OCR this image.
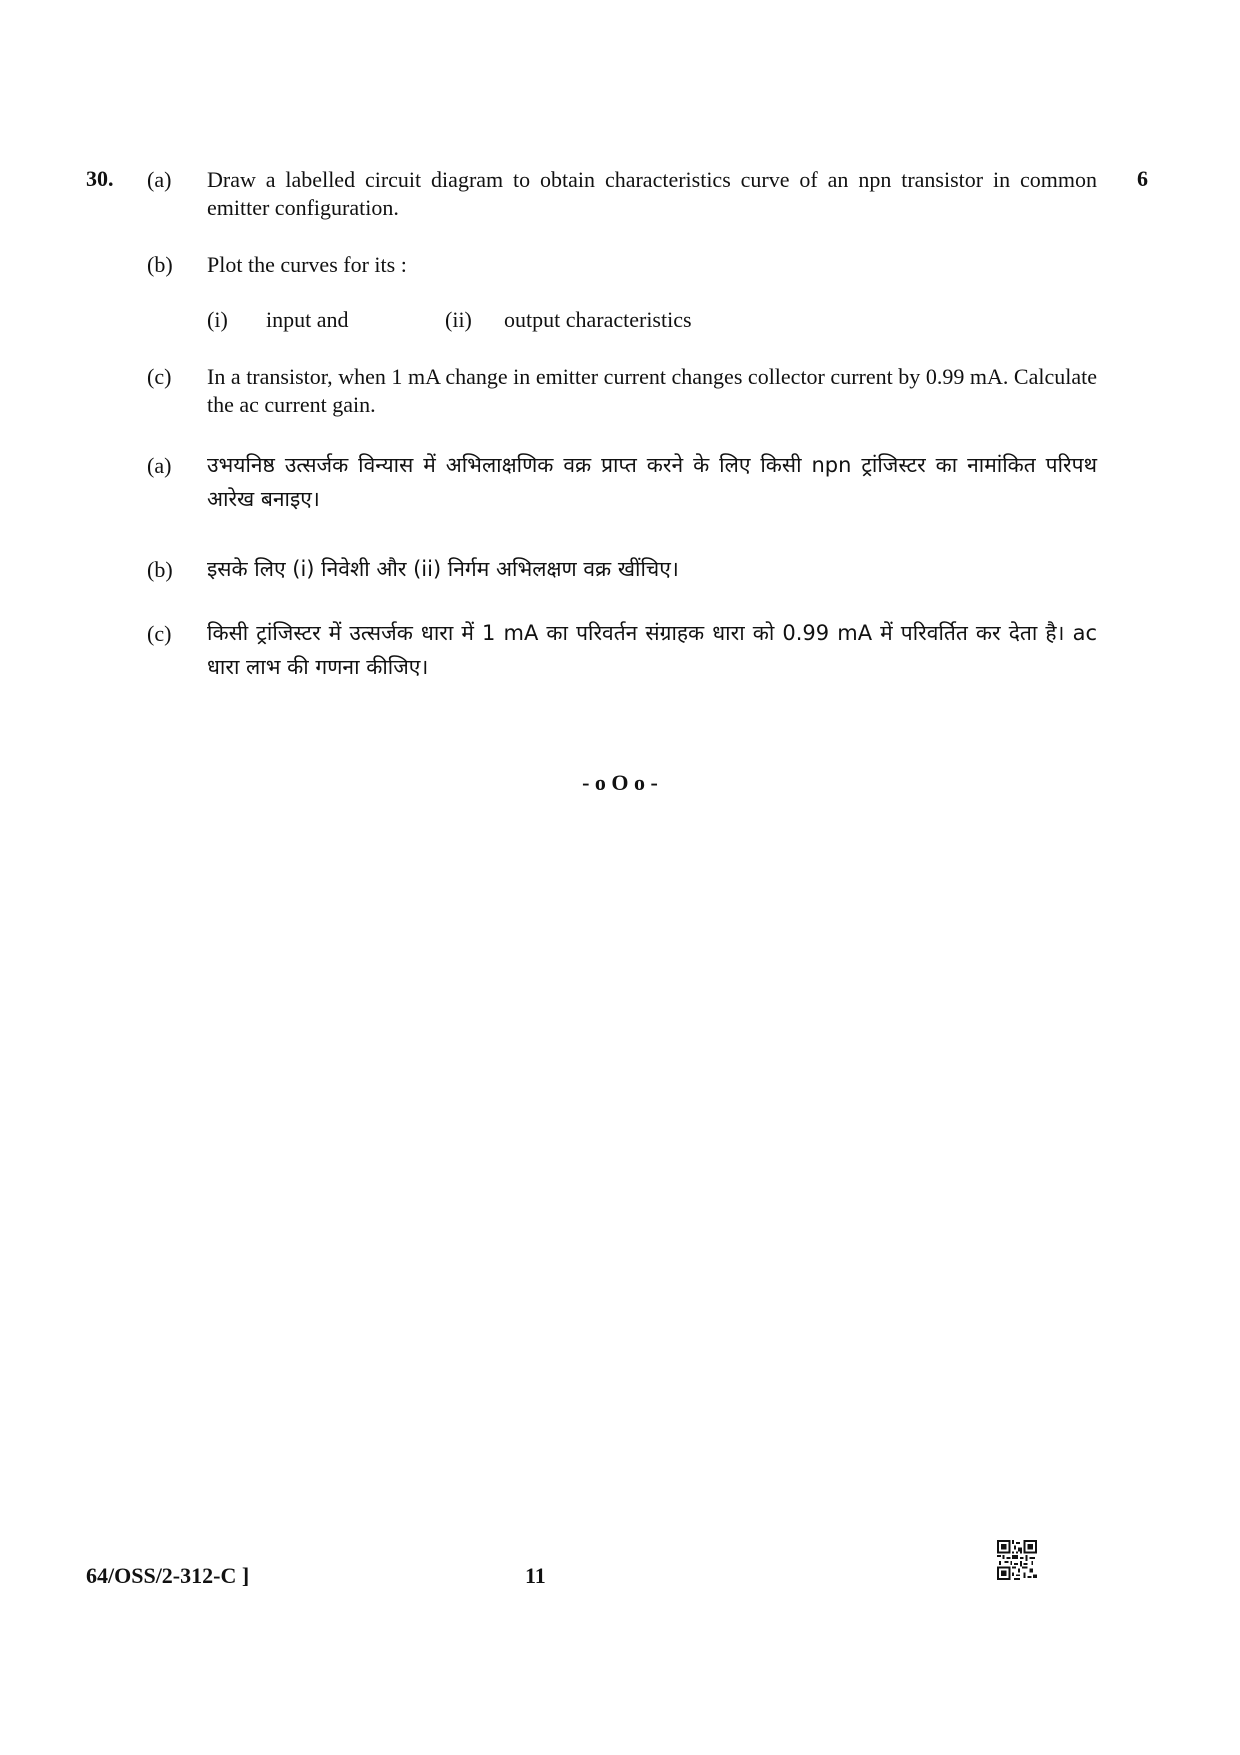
30.	6
(a) Draw a labelled circuit diagram to obtain characteristics curve of an npn transistor in common emitter configuration.
(b) Plot the curves for its :
(i) input and	(ii) output characteristics
(c) In a transistor, when 1 mA change in emitter current changes collector current by 0.99 mA. Calculate the ac current gain.
(a) उभयनिष्ठ उत्सर्जक विन्यास में अभिलाक्षणिक वक्र प्राप्त करने के लिए किसी npn ट्रांजिस्टर का नामांकित परिपथ आरेख बनाइए।
(b) इसके लिए (i) निवेशी और (ii) निर्गम अभिलक्षण वक्र खींचिए।
(c) किसी ट्रांजिस्टर में उत्सर्जक धारा में 1 mA का परिवर्तन संग्राहक धारा को 0.99 mA में परिवर्तित कर देता है। ac धारा लाभ की गणना कीजिए।
- o O o -
64/OSS/2-312-C ]	11
